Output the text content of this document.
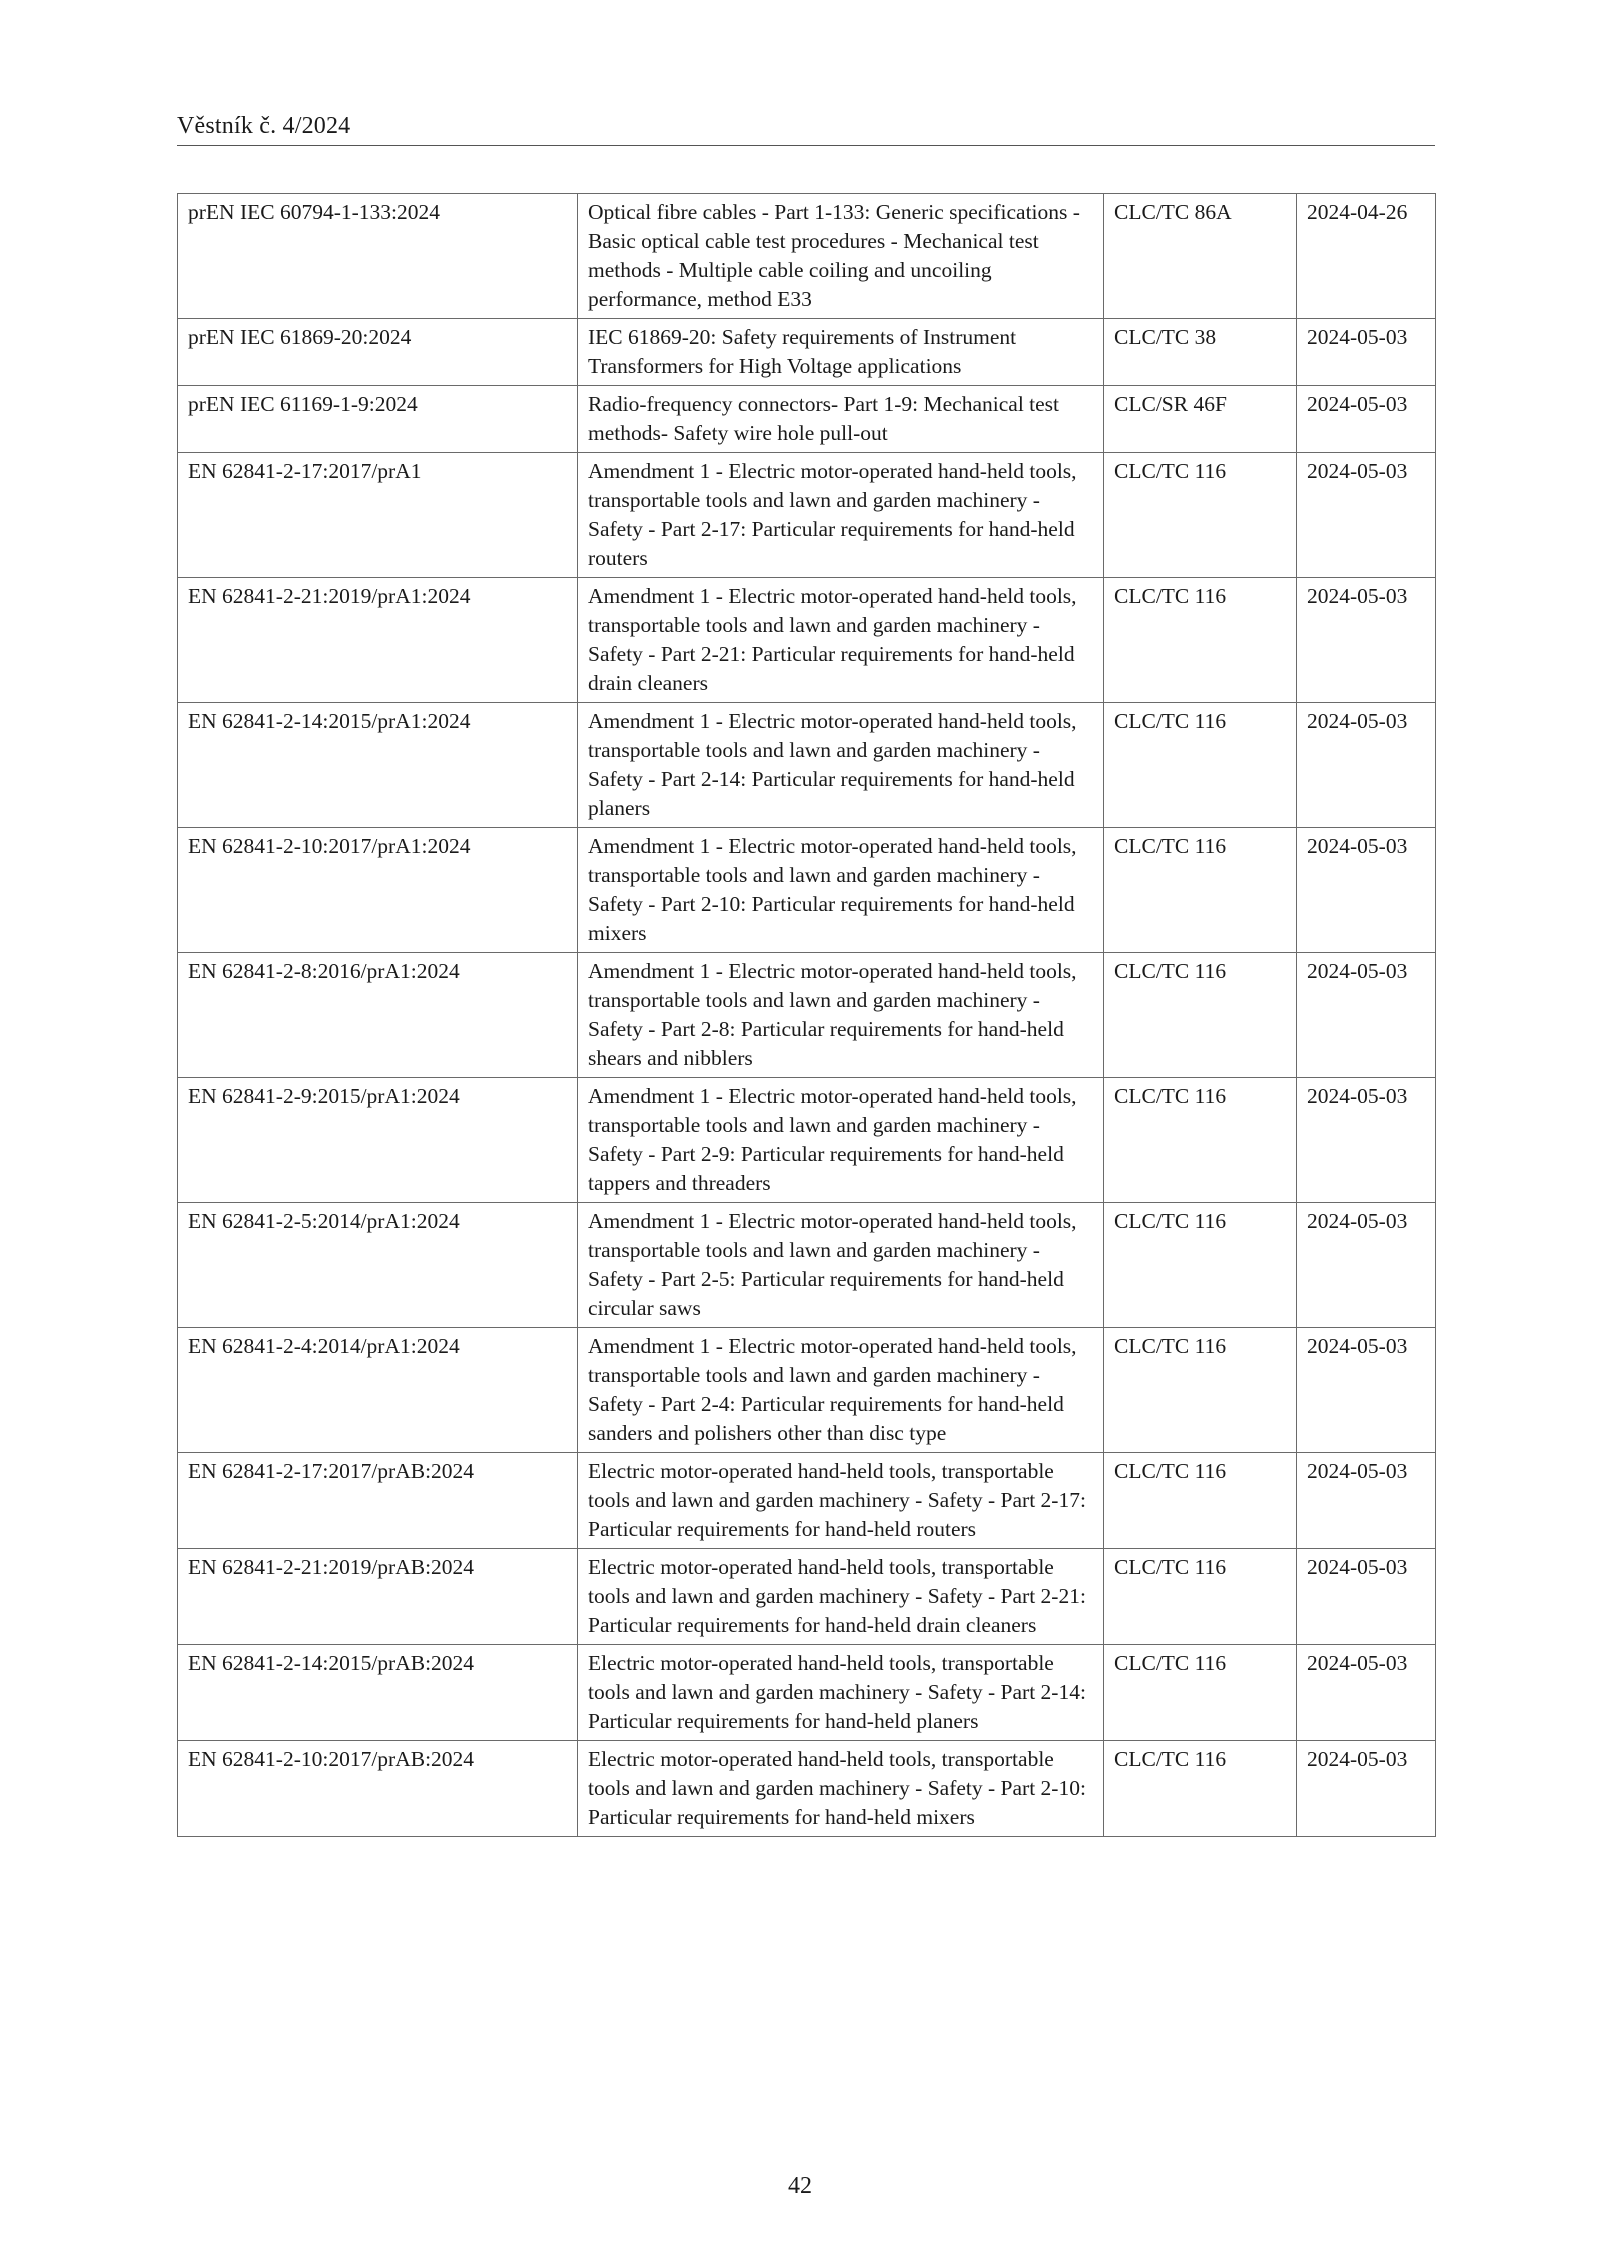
Věstník č. 4/2024
prEN IEC 60794-1-133:2024	Optical fibre cables - Part 1-133: Generic specifications - Basic optical cable test procedures - Mechanical test methods - Multiple cable coiling and uncoiling performance, method E33	CLC/TC 86A	2024-04-26
prEN IEC 61869-20:2024	IEC 61869-20: Safety requirements of Instrument Transformers for High Voltage applications	CLC/TC 38	2024-05-03
prEN IEC 61169-1-9:2024	Radio-frequency connectors- Part 1-9: Mechanical test methods- Safety wire hole pull-out	CLC/SR 46F	2024-05-03
EN 62841-2-17:2017/prA1	Amendment 1 - Electric motor-operated hand-held tools, transportable tools and lawn and garden machinery - Safety - Part 2-17: Particular requirements for hand-held routers	CLC/TC 116	2024-05-03
EN 62841-2-21:2019/prA1:2024	Amendment 1 - Electric motor-operated hand-held tools, transportable tools and lawn and garden machinery - Safety - Part 2-21: Particular requirements for hand-held drain cleaners	CLC/TC 116	2024-05-03
EN 62841-2-14:2015/prA1:2024	Amendment 1 - Electric motor-operated hand-held tools, transportable tools and lawn and garden machinery - Safety - Part 2-14: Particular requirements for hand-held planers	CLC/TC 116	2024-05-03
EN 62841-2-10:2017/prA1:2024	Amendment 1 - Electric motor-operated hand-held tools, transportable tools and lawn and garden machinery - Safety - Part 2-10: Particular requirements for hand-held mixers	CLC/TC 116	2024-05-03
EN 62841-2-8:2016/prA1:2024	Amendment 1 - Electric motor-operated hand-held tools, transportable tools and lawn and garden machinery - Safety - Part 2-8: Particular requirements for hand-held shears and nibblers	CLC/TC 116	2024-05-03
EN 62841-2-9:2015/prA1:2024	Amendment 1 - Electric motor-operated hand-held tools, transportable tools and lawn and garden machinery - Safety - Part 2-9: Particular requirements for hand-held tappers and threaders	CLC/TC 116	2024-05-03
EN 62841-2-5:2014/prA1:2024	Amendment 1 - Electric motor-operated hand-held tools, transportable tools and lawn and garden machinery - Safety - Part 2-5: Particular requirements for hand-held circular saws	CLC/TC 116	2024-05-03
EN 62841-2-4:2014/prA1:2024	Amendment 1 - Electric motor-operated hand-held tools, transportable tools and lawn and garden machinery - Safety - Part 2-4: Particular requirements for hand-held sanders and polishers other than disc type	CLC/TC 116	2024-05-03
EN 62841-2-17:2017/prAB:2024	Electric motor-operated hand-held tools, transportable tools and lawn and garden machinery - Safety - Part 2-17: Particular requirements for hand-held routers	CLC/TC 116	2024-05-03
EN 62841-2-21:2019/prAB:2024	Electric motor-operated hand-held tools, transportable tools and lawn and garden machinery - Safety - Part 2-21: Particular requirements for hand-held drain cleaners	CLC/TC 116	2024-05-03
EN 62841-2-14:2015/prAB:2024	Electric motor-operated hand-held tools, transportable tools and lawn and garden machinery - Safety - Part 2-14: Particular requirements for hand-held planers	CLC/TC 116	2024-05-03
EN 62841-2-10:2017/prAB:2024	Electric motor-operated hand-held tools, transportable tools and lawn and garden machinery - Safety - Part 2-10: Particular requirements for hand-held mixers	CLC/TC 116	2024-05-03
42
